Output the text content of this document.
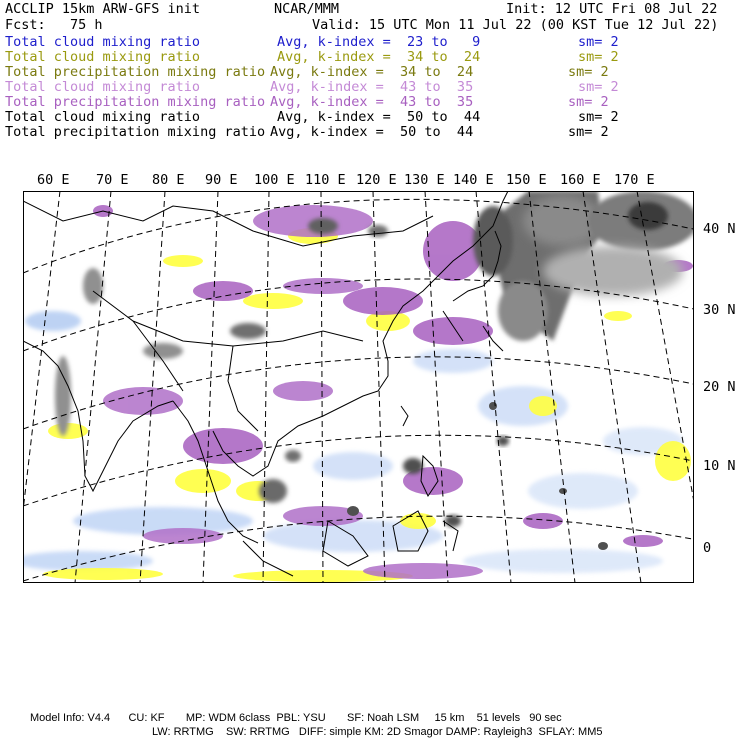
ACCLIP 15km ARW-GFS init	NCAR/MMM	Init: 12 UTC Fri 08 Jul 22
Fcst:   75 h	Valid: 15 UTC Mon 11 Jul 22 (00 KST Tue 12 Jul 22)
Total cloud mixing ratio	Avg, k-index =  23 to   9	sm= 2
Total cloud mixing ratio	Avg, k-index =  34 to  24	sm= 2
Total precipitation mixing ratio Avg, k-index =  34 to  24	sm= 2
Total cloud mixing ratio	Avg, k-index =  43 to  35	sm= 2
Total precipitation mixing ratio Avg, k-index =  43 to  35	sm= 2
Total cloud mixing ratio	Avg, k-index =  50 to  44	sm= 2
Total precipitation mixing ratio Avg, k-index =  50 to  44	sm= 2
60 E 70 E 80 E 90 E 100 E 110 E 120 E 130 E 140 E 150 E 160 E 170 E
40 N
30 N
20 N
10 N
0
Model Info: V4.4      CU: KF       MP: WDM 6class  PBL: YSU       SF: Noah LSM     15 km    51 levels   90 sec
LW: RRTMG    SW: RRTMG   DIFF: simple KM: 2D Smagor DAMP: Rayleigh3  SFLAY: MM5
